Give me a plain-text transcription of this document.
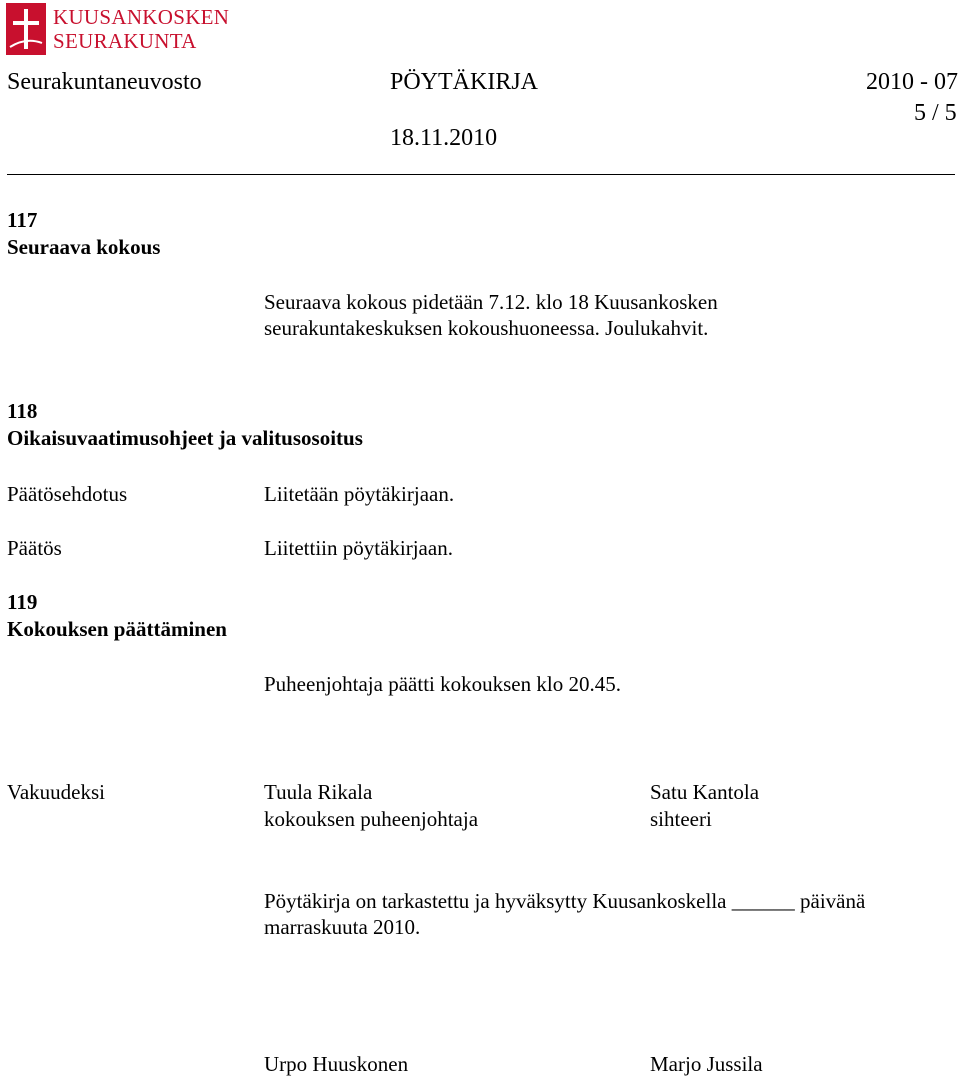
KUUSANKOSKEN
SEURAKUNTA
Seurakuntaneuvosto	PÖYTÄKIRJA	2010 - 07
5 / 5
18.11.2010
117
Seuraava kokous
Seuraava kokous pidetään 7.12. klo 18 Kuusankosken
seurakuntakeskuksen kokoushuoneessa. Joulukahvit.
118
Oikaisuvaatimusohjeet ja valitusosoitus
Päätösehdotus	Liitetään pöytäkirjaan.
Päätös	Liitettiin pöytäkirjaan.
119
Kokouksen päättäminen
Puheenjohtaja päätti kokouksen klo 20.45.
Vakuudeksi	Tuula Rikala	Satu Kantola
kokouksen puheenjohtaja	sihteeri
Pöytäkirja on tarkastettu ja hyväksytty Kuusankoskella ______ päivänä
marraskuuta 2010.
Urpo Huuskonen	Marjo Jussila
